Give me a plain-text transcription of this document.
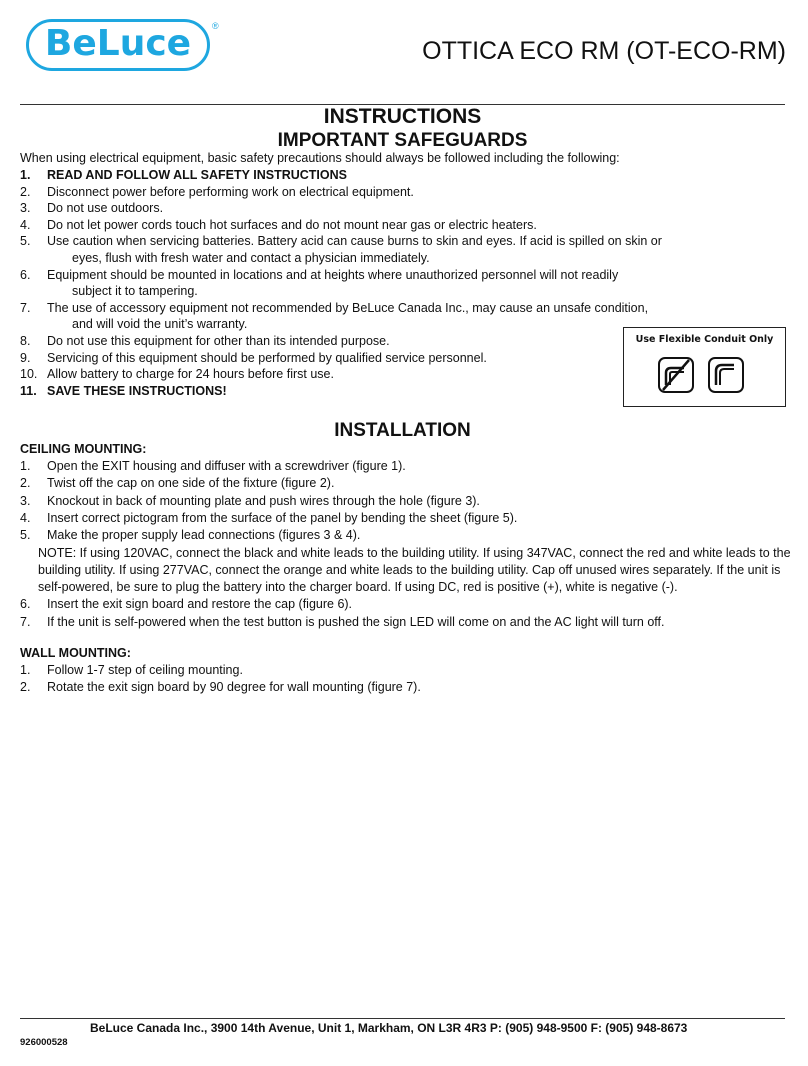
BeLuce	®
OTTICA ECO RM (OT-ECO-RM)
INSTRUCTIONS
IMPORTANT SAFEGUARDS
When using electrical equipment, basic safety precautions should always be followed including the following:
1. READ AND FOLLOW ALL SAFETY INSTRUCTIONS
2. Disconnect power before performing work on electrical equipment.
3. Do not use outdoors.
4. Do not let power cords touch hot surfaces and do not mount near gas or electric heaters.
5. Use caution when servicing batteries. Battery acid can cause burns to skin and eyes. If acid is spilled on skin or
eyes, flush with fresh water and contact a physician immediately.
6. Equipment should be mounted in locations and at heights where unauthorized personnel will not readily
subject it to tampering.
7. The use of accessory equipment not recommended by BeLuce Canada Inc., may cause an unsafe condition,
and will void the unit’s warranty.
8. Do not use this equipment for other than its intended purpose.
9. Servicing of this equipment should be performed by qualified service personnel.
10. Allow battery to charge for 24 hours before first use.
11. SAVE THESE INSTRUCTIONS!
Use Flexible Conduit Only
INSTALLATION
CEILING MOUNTING:
1. Open the EXIT housing and diffuser with a screwdriver (figure 1).
2. Twist off the cap on one side of the fixture (figure 2).
3. Knockout in back of mounting plate and push wires through the hole (figure 3).
4. Insert correct pictogram from the surface of the panel by bending the sheet (figure 5).
5. Make the proper supply lead connections (figures 3 & 4).
NOTE: If using 120VAC, connect the black and white leads to the building utility. If using 347VAC, connect the red and white leads to the
building utility. If using 277VAC, connect the orange and white leads to the building utility. Cap off unused wires separately. If the unit is
self-powered, be sure to plug the battery into the charger board. If using DC, red is positive (+), white is negative (-).
6. Insert the exit sign board and restore the cap (figure 6).
7. If the unit is self-powered when the test button is pushed the sign LED will come on and the AC light will turn off.
WALL MOUNTING:
1. Follow 1-7 step of ceiling mounting.
2. Rotate the exit sign board by 90 degree for wall mounting (figure 7).
BeLuce Canada Inc., 3900 14th Avenue, Unit 1, Markham, ON L3R 4R3 P: (905) 948-9500 F: (905) 948-8673
926000528
